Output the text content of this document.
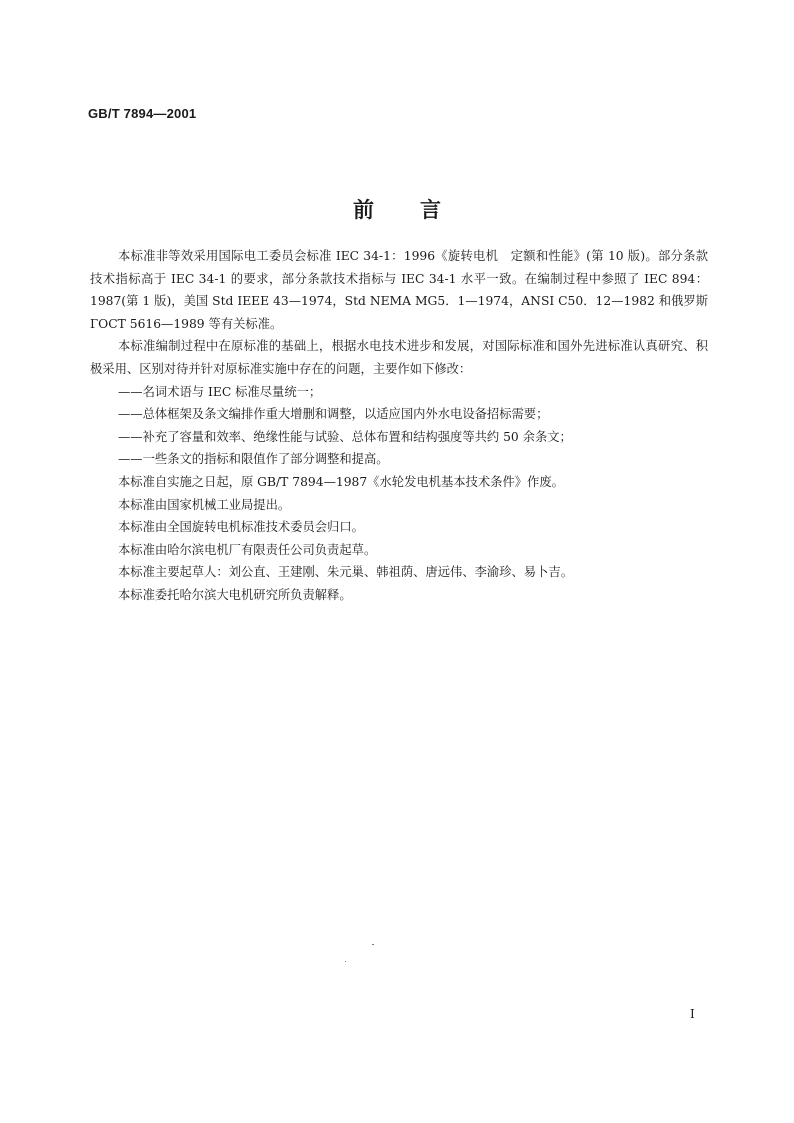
GB/T 7894—2001
前言

本标准非等效采用国际电工委员会标准 IEC 34-1：1996《旋转电机　定额和性能》(第 10 版)。部分条款技术指标高于 IEC 34-1 的要求，部分条款技术指标与 IEC 34-1 水平一致。在编制过程中参照了 IEC 894：1987(第 1 版)，美国 Std IEEE 43—1974，Std NEMA MG5．1—1974，ANSI C50．12—1982 和俄罗斯 ГОСТ 5616—1989 等有关标准。

本标准编制过程中在原标准的基础上，根据水电技术进步和发展，对国际标准和国外先进标准认真研究、积极采用、区别对待并针对原标准实施中存在的问题，主要作如下修改：

——名词术语与 IEC 标准尽量统一；

——总体框架及条文编排作重大增删和调整，以适应国内外水电设备招标需要；

——补充了容量和效率、绝缘性能与试验、总体布置和结构强度等共约 50 余条文；

——一些条文的指标和限值作了部分调整和提高。

本标准自实施之日起，原 GB/T 7894—1987《水轮发电机基本技术条件》作废。

本标准由国家机械工业局提出。

本标准由全国旋转电机标准技术委员会归口。

本标准由哈尔滨电机厂有限责任公司负责起草。

本标准主要起草人：刘公直、王建刚、朱元巢、韩祖荫、唐远伟、李渝珍、易卜吉。

本标准委托哈尔滨大电机研究所负责解释。

I
